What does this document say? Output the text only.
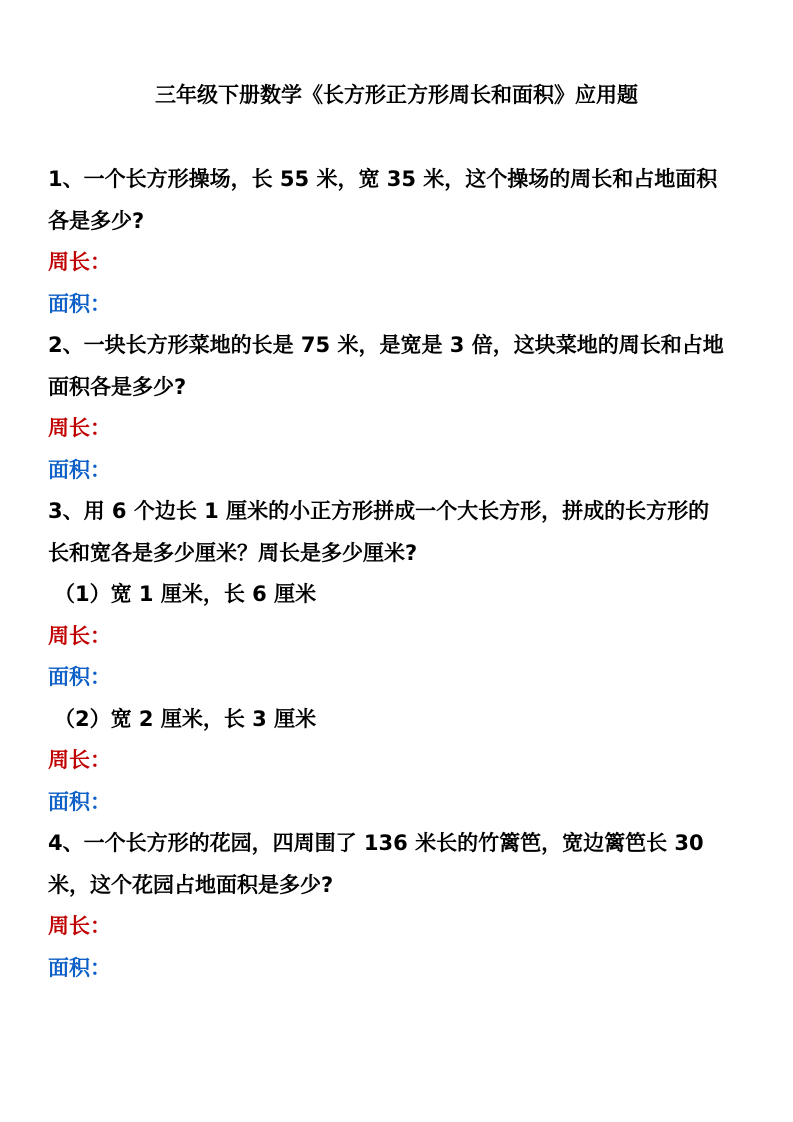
三年级下册数学《长方形正方形周长和面积》应用题
1、一个长方形操场，长 55 米，宽 35 米，这个操场的周长和占地面积
各是多少?
周长：
面积：
2、一块长方形菜地的长是 75 米，是宽是 3 倍，这块菜地的周长和占地
面积各是多少?
周长：
面积：
3、用 6 个边长 1 厘米的小正方形拼成一个大长方形，拼成的长方形的
长和宽各是多少厘米？周长是多少厘米?
（1）宽 1 厘米，长 6 厘米
周长：
面积：
（2）宽 2 厘米，长 3 厘米
周长：
面积：
4、一个长方形的花园，四周围了 136 米长的竹篱笆，宽边篱笆长 30
米，这个花园占地面积是多少?
周长：
面积：
